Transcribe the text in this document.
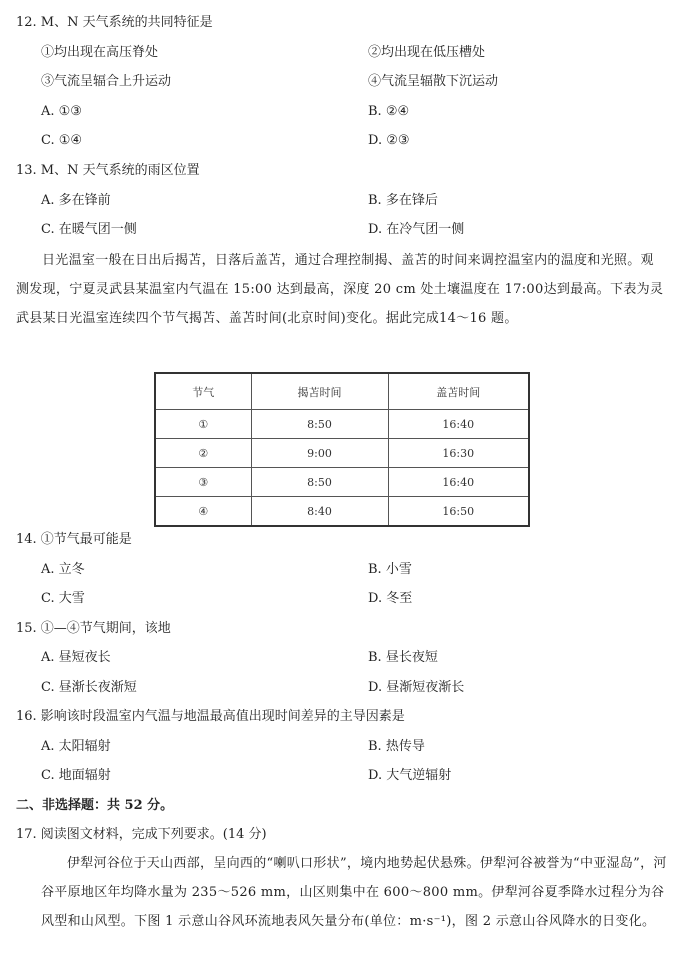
12. M、N 天气系统的共同特征是
①均出现在高压脊处	②均出现在低压槽处
③气流呈辐合上升运动	④气流呈辐散下沉运动
A. ①③	B. ②④
C. ①④	D. ②③
13. M、N 天气系统的雨区位置
A. 多在锋前	B. 多在锋后
C. 在暖气团一侧	D. 在冷气团一侧
日光温室一般在日出后揭苫，日落后盖苫，通过合理控制揭、盖苫的时间来调控温室内的温度和光照。观测发现，宁夏灵武县某温室内气温在 15:00 达到最高，深度 20 cm 处土壤温度在 17:00达到最高。下表为灵武县某日光温室连续四个节气揭苫、盖苫时间(北京时间)变化。据此完成14～16 题。
节气	揭苫时间	盖苫时间
①	8:50	16:40
②	9:00	16:30
③	8:50	16:40
④	8:40	16:50
14. ①节气最可能是
A. 立冬	B. 小雪
C. 大雪	D. 冬至
15. ①—④节气期间，该地
A. 昼短夜长	B. 昼长夜短
C. 昼渐长夜渐短	D. 昼渐短夜渐长
16. 影响该时段温室内气温与地温最高值出现时间差异的主导因素是
A. 太阳辐射	B. 热传导
C. 地面辐射	D. 大气逆辐射
二、非选择题：共 52 分。
17. 阅读图文材料，完成下列要求。(14 分)
伊犁河谷位于天山西部，呈向西的“喇叭口形状”，境内地势起伏悬殊。伊犁河谷被誉为“中亚湿岛”，河谷平原地区年均降水量为 235～526 mm，山区则集中在 600～800 mm。伊犁河谷夏季降水过程分为谷风型和山风型。下图 1 示意山谷风环流地表风矢量分布(单位：m·s⁻¹)，图 2 示意山谷风降水的日变化。
